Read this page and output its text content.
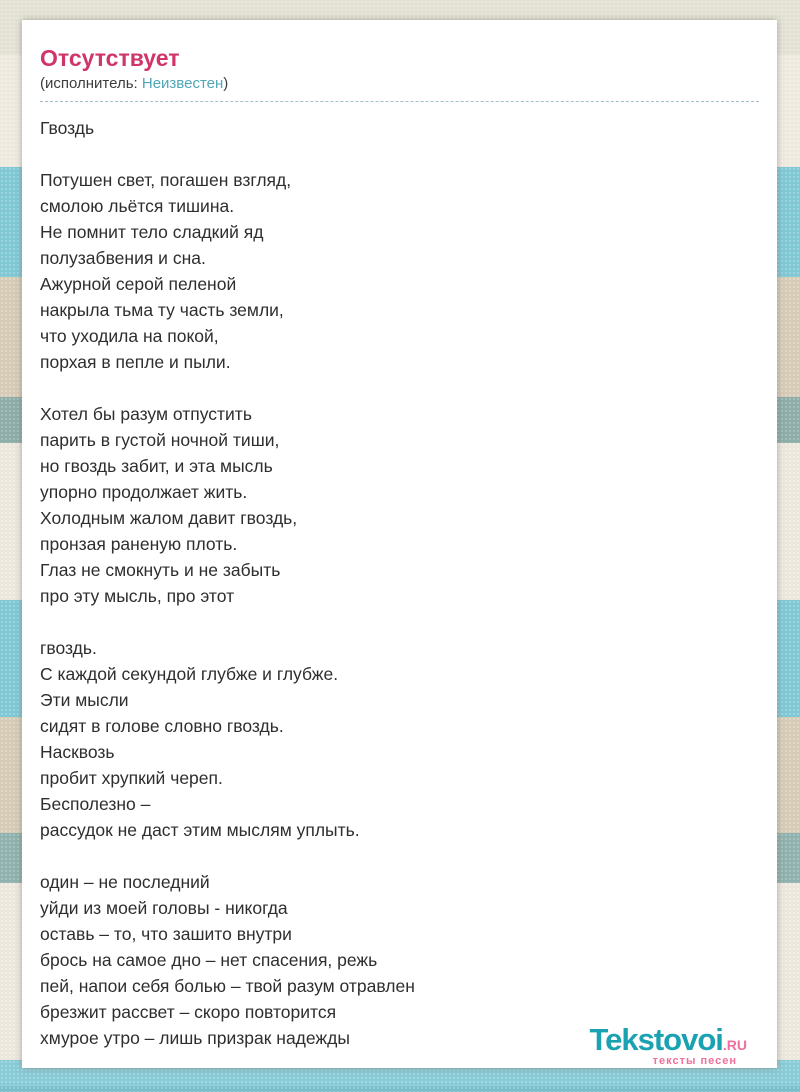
Отсутствует
(исполнитель: Неизвестен)

Гвоздь

Потушен свет, погашен взгляд,
смолою льётся тишина.
Не помнит тело сладкий яд
полузабвения и сна.
Ажурной серой пеленой
накрыла тьма ту часть земли,
что уходила на покой,
порхая в пепле и пыли.

Хотел бы разум отпустить
парить в густой ночной тиши,
но гвоздь забит, и эта мысль
упорно продолжает жить.
Холодным жалом давит гвоздь,
пронзая раненую плоть.
Глаз не смокнуть и не забыть
про эту мысль, про этот

гвоздь.
С каждой секундой глубже и глубже.
Эти мысли
сидят в голове словно гвоздь.
Насквозь
пробит хрупкий череп.
Бесполезно –
рассудок не даст этим мыслям уплыть.

один – не последний
уйди из моей головы - никогда
оставь – то, что зашито внутри
брось на самое дно – нет спасения, режь
пей, напои себя болью – твой разум отравлен
брезжит рассвет – скоро повторится
хмурое утро – лишь призрак надежды	Tekstovoi.RU
тексты песен
